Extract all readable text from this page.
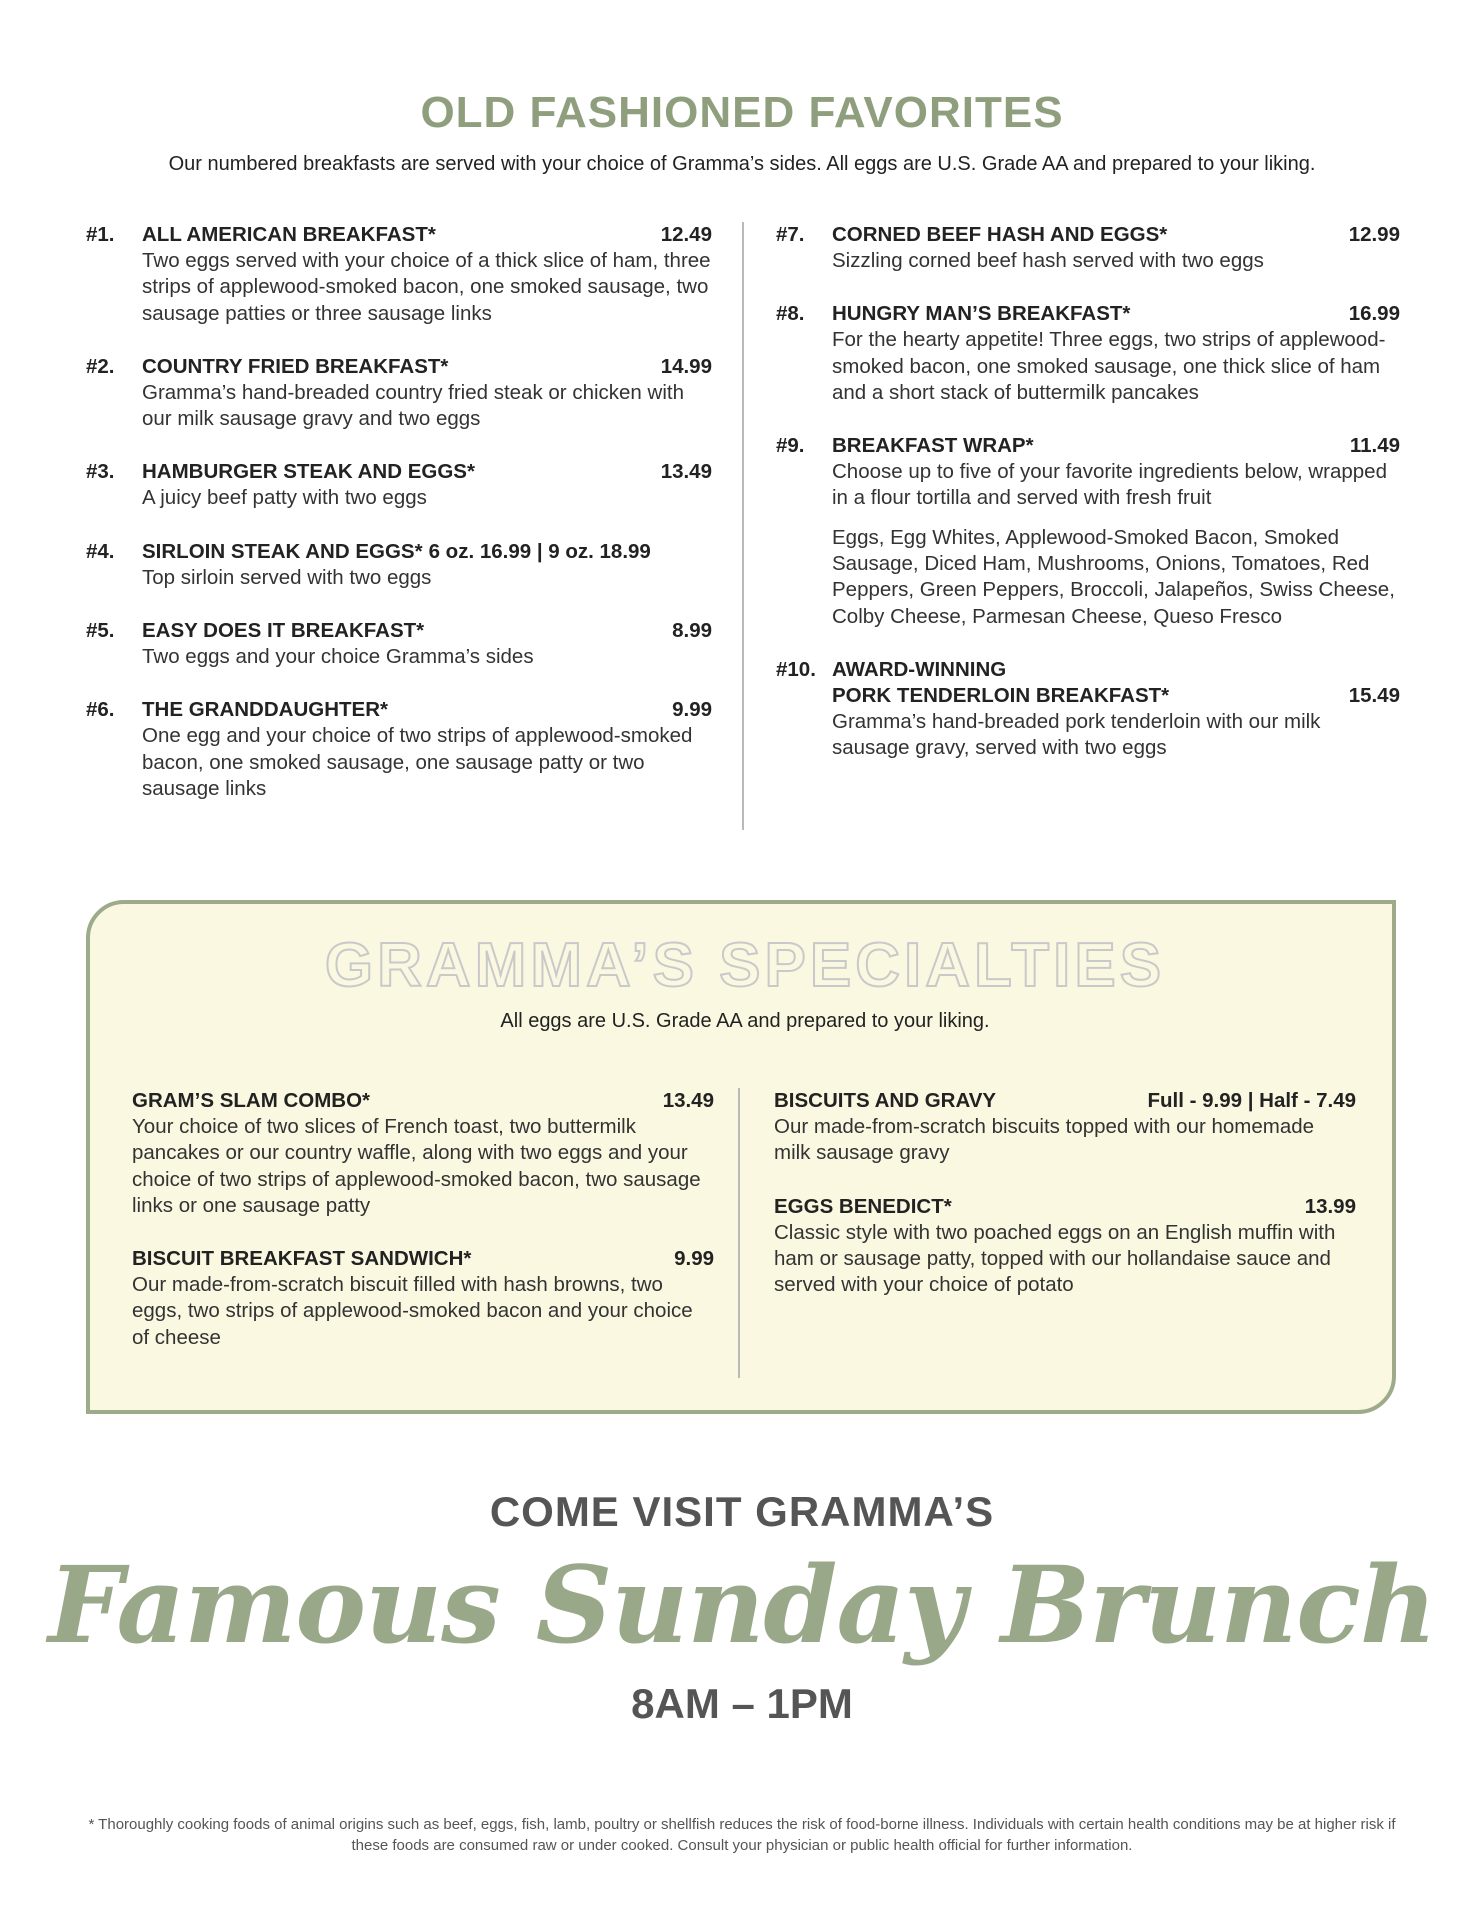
OLD FASHIONED FAVORITES
Our numbered breakfasts are served with your choice of Gramma’s sides. All eggs are U.S. Grade AA and prepared to your liking.
#1.	ALL AMERICAN BREAKFAST*	12.49
Two eggs served with your choice of a thick slice of ham, three strips of applewood-smoked bacon, one smoked sausage, two sausage patties or three sausage links
#2.	COUNTRY FRIED BREAKFAST*	14.99
Gramma’s hand-breaded country fried steak or chicken with our milk sausage gravy and two eggs
#3.	HAMBURGER STEAK AND EGGS*	13.49
A juicy beef patty with two eggs
#4.	SIRLOIN STEAK AND EGGS* 6 oz. 16.99 | 9 oz. 18.99
Top sirloin served with two eggs
#5.	EASY DOES IT BREAKFAST*	8.99
Two eggs and your choice Gramma’s sides
#6.	THE GRANDDAUGHTER*	9.99
One egg and your choice of two strips of applewood-smoked bacon, one smoked sausage, one sausage patty or two sausage links
#7.	CORNED BEEF HASH AND EGGS*	12.99
Sizzling corned beef hash served with two eggs
#8.	HUNGRY MAN’S BREAKFAST*	16.99
For the hearty appetite! Three eggs, two strips of applewood-smoked bacon, one smoked sausage, one thick slice of ham and a short stack of buttermilk pancakes
#9.	BREAKFAST WRAP*	11.49
Choose up to five of your favorite ingredients below, wrapped in a flour tortilla and served with fresh fruit
Eggs, Egg Whites, Applewood-Smoked Bacon, Smoked Sausage, Diced Ham, Mushrooms, Onions, Tomatoes, Red Peppers, Green Peppers, Broccoli, Jalapeños, Swiss Cheese, Colby Cheese, Parmesan Cheese, Queso Fresco
#10. AWARD-WINNING
PORK TENDERLOIN BREAKFAST*	15.49
Gramma’s hand-breaded pork tenderloin with our milk sausage gravy, served with two eggs
GRAMMA’S SPECIALTIES
All eggs are U.S. Grade AA and prepared to your liking.
GRAM’S SLAM COMBO*	13.49
Your choice of two slices of French toast, two buttermilk pancakes or our country waffle, along with two eggs and your choice of two strips of applewood-smoked bacon, two sausage links or one sausage patty
BISCUIT BREAKFAST SANDWICH*	9.99
Our made-from-scratch biscuit filled with hash browns, two eggs, two strips of applewood-smoked bacon and your choice of cheese
BISCUITS AND GRAVY	Full - 9.99 | Half - 7.49
Our made-from-scratch biscuits topped with our homemade milk sausage gravy
EGGS BENEDICT*	13.99
Classic style with two poached eggs on an English muffin with ham or sausage patty, topped with our hollandaise sauce and served with your choice of potato
COME VISIT GRAMMA’S
Famous Sunday Brunch
8AM – 1PM
* Thoroughly cooking foods of animal origins such as beef, eggs, fish, lamb, poultry or shellfish reduces the risk of food-borne illness. Individuals with certain health conditions may be at higher risk if these foods are consumed raw or under cooked. Consult your physician or public health official for further information.
